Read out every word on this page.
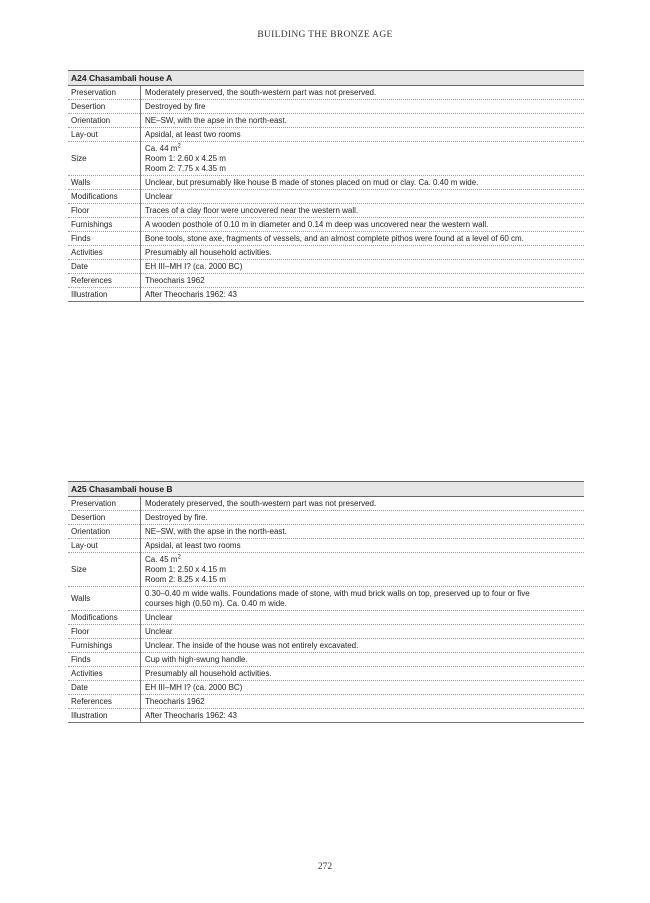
BUILDING THE BRONZE AGE
A24 Chasambali house A	
Preservation	Moderately preserved, the south-western part was not preserved.
Desertion	Destroyed by fire
Orientation	NE–SW, with the apse in the north-east.
Lay-out	Apsidal, at least two rooms
Size	Ca. 44 $m^2$
Room 1: 2.60 x 4.25 m
Room 2: 7.75 x 4.35 m

Walls	Unclear, but presumably like house B made of stones placed on mud or clay. Ca. 0.40 m wide.
Modifications	Unclear
Floor	Traces of a clay floor were uncovered near the western wall.
Furnishings	A wooden posthole of 0.10 m in diameter and 0.14 m deep was uncovered near the western wall.
Finds	Bone tools, stone axe, fragments of vessels, and an almost complete pithos were found at a level of 60 cm.
Activities	Presumably all household activities.
Date	EH III–MH I? (ca. 2000 BC)
References	Theocharis 1962
Illustration	After Theocharis 1962: 43
A25 Chasambali house B	
Preservation	Moderately preserved, the south-western part was not preserved.
Desertion	Destroyed by fire.
Orientation	NE–SW, with the apse in the north-east.
Lay-out	Apsidal, at least two rooms
Size	Ca. 45 $m^2$
Room 1: 2.50 x 4.15 m
Room 2: 8.25 x 4.15 m

Walls	0.30–0.40 m wide walls. Foundations made of stone, with mud brick walls on top, preserved up to four or five
courses high (0.50 m). Ca. 0.40 m wide.

Modifications	Unclear
Floor	Unclear
Furnishings	Unclear. The inside of the house was not entirely excavated.
Finds	Cup with high-swung handle.
Activities	Presumably all household activities.
Date	EH III–MH I? (ca. 2000 BC)
References	Theocharis 1962
Illustration	After Theocharis 1962: 43
272
